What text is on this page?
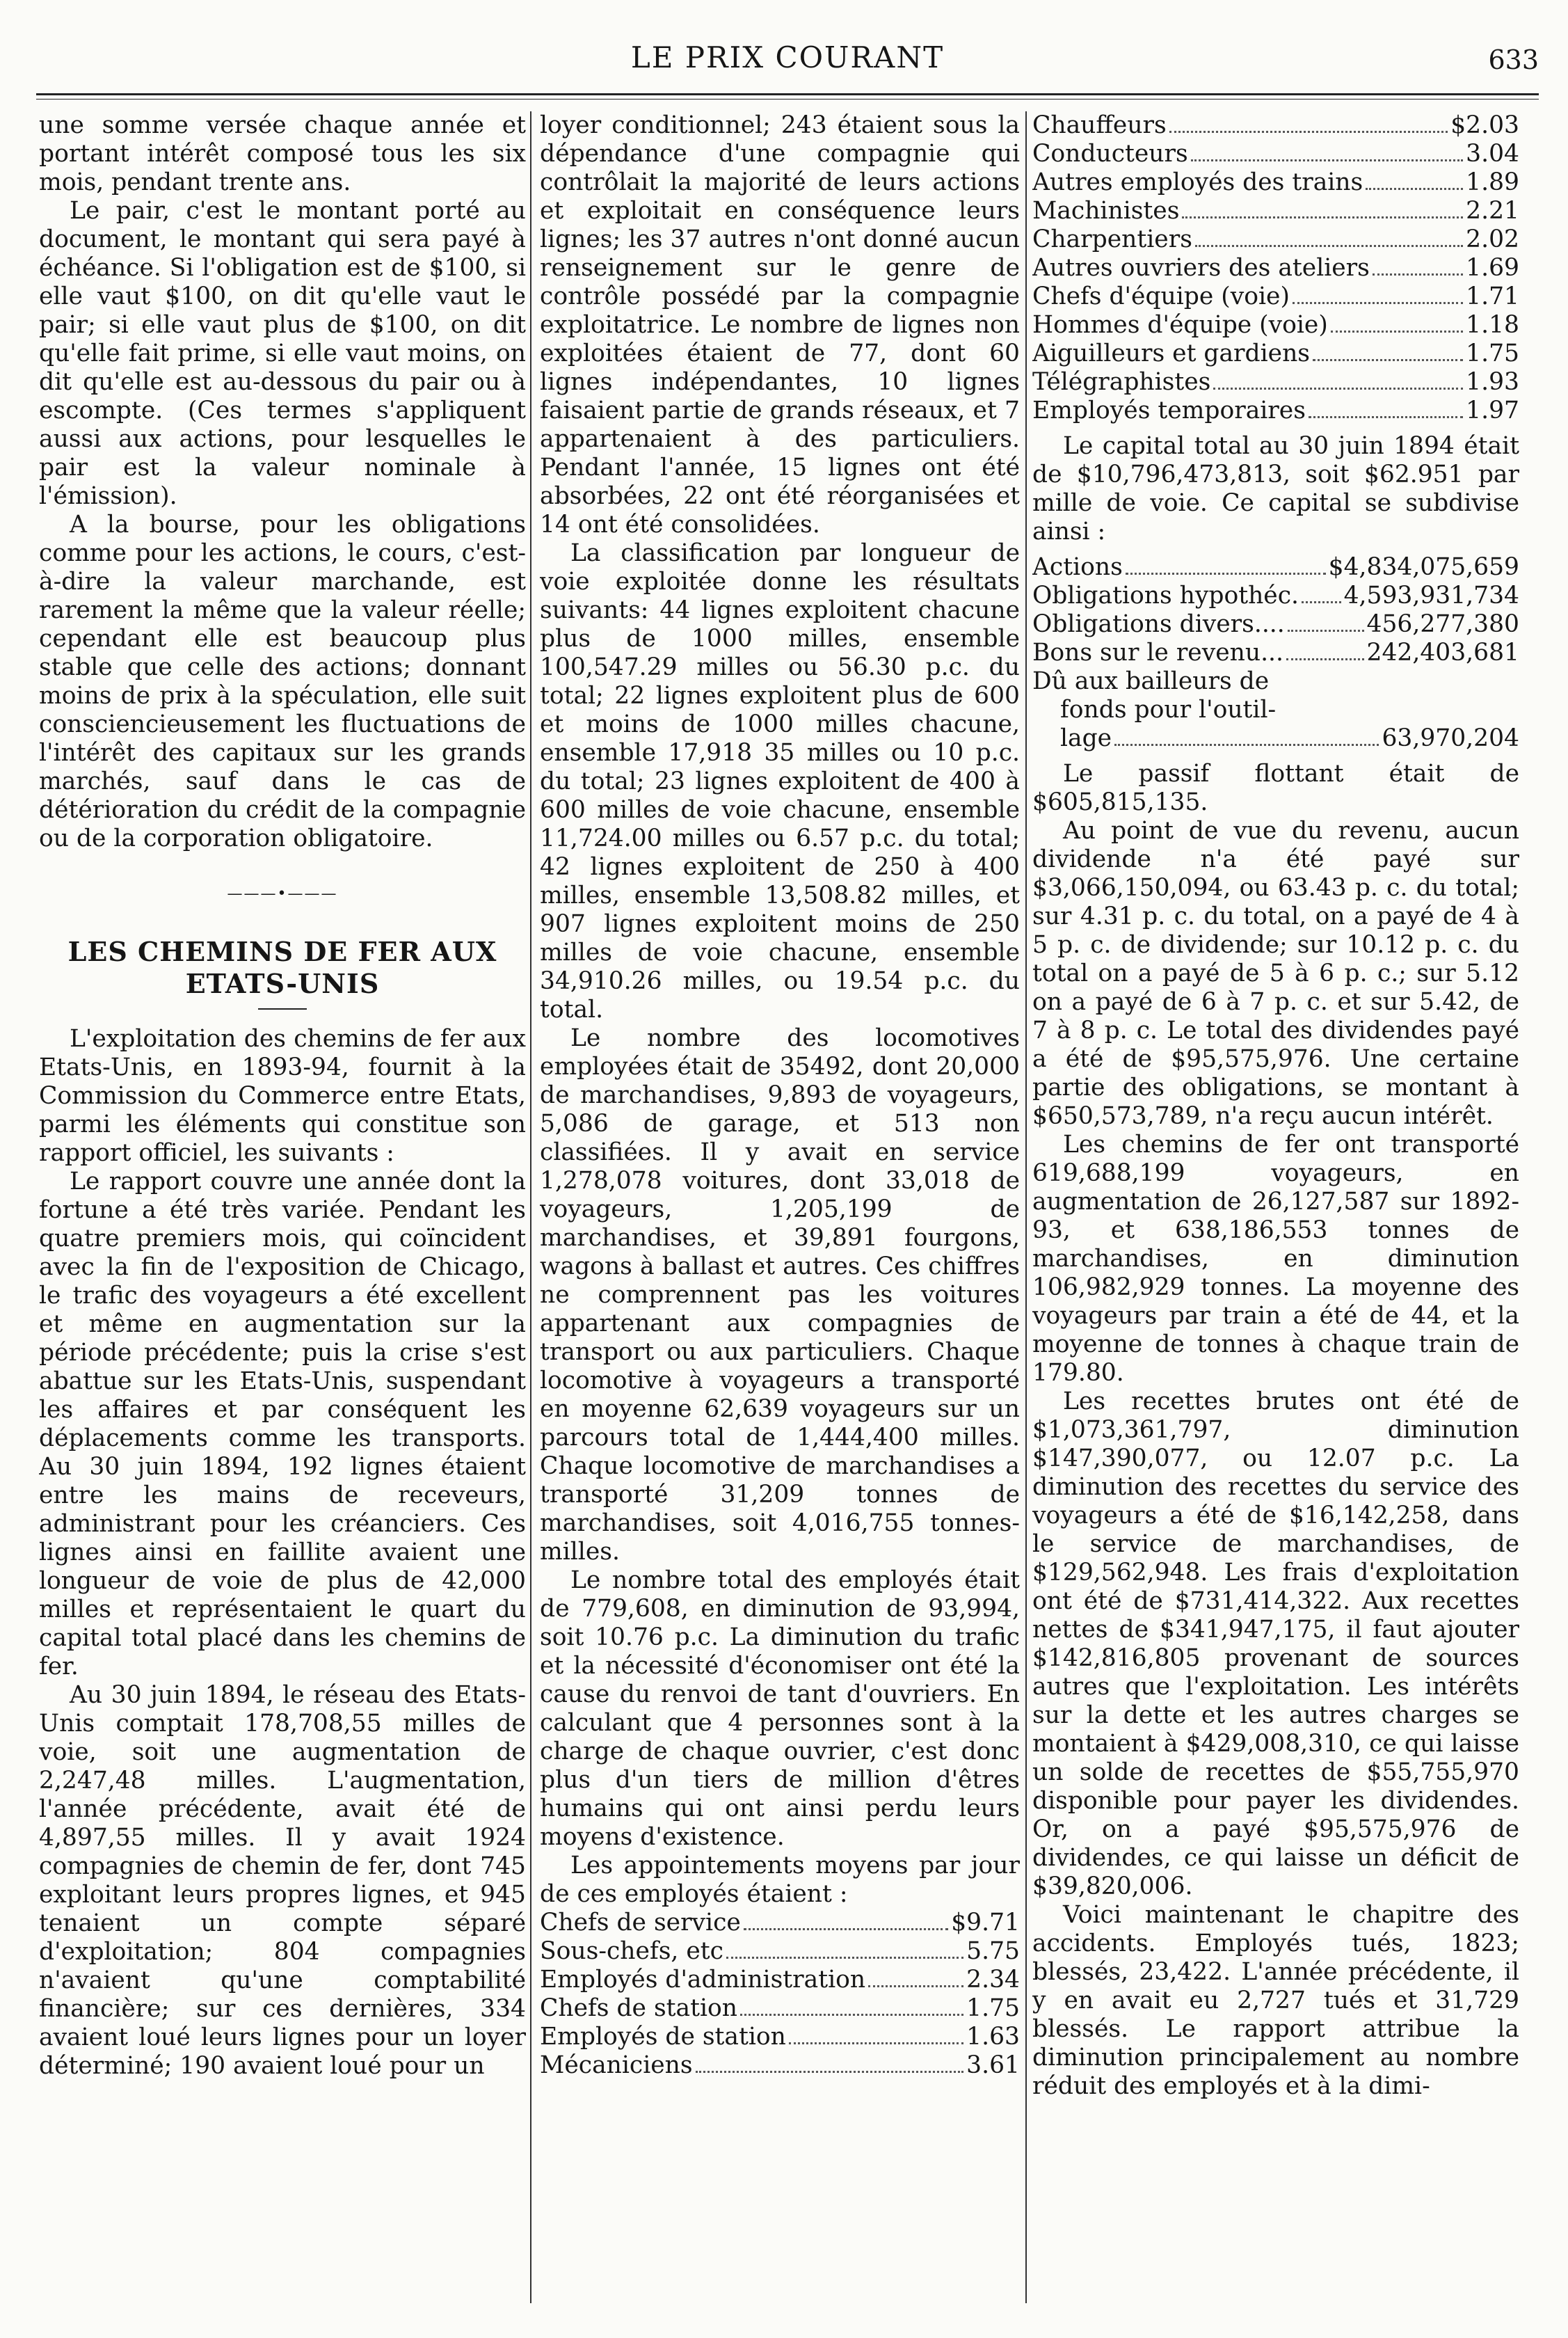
LE PRIX COURANT	633

une somme versée chaque année et portant intérêt composé tous les six mois, pendant trente ans.

Le pair, c'est le montant porté au document, le montant qui sera payé à échéance. Si l'obligation est de $100, si elle vaut $100, on dit qu'elle vaut le pair; si elle vaut plus de $100, on dit qu'elle fait prime, si elle vaut moins, on dit qu'elle est au-dessous du pair ou à escompte. (Ces termes s'appliquent aussi aux actions, pour lesquelles le pair est la valeur nominale à l'émission).

A la bourse, pour les obligations comme pour les actions, le cours, c'est-à-dire la valeur marchande, est rarement la même que la valeur réelle; cependant elle est beaucoup plus stable que celle des actions; donnant moins de prix à la spéculation, elle suit consciencieusement les fluctuations de l'intérêt des capitaux sur les grands marchés, sauf dans le cas de détérioration du crédit de la compagnie ou de la corporation obligatoire.

———•———
LES CHEMINS DE FER AUX
ETATS-UNIS

L'exploitation des chemins de fer aux Etats-Unis, en 1893-94, fournit à la Commission du Commerce entre Etats, parmi les éléments qui constitue son rapport officiel, les suivants :

Le rapport couvre une année dont la fortune a été très variée. Pendant les quatre premiers mois, qui coïncident avec la fin de l'exposition de Chicago, le trafic des voyageurs a été excellent et même en augmentation sur la période précédente; puis la crise s'est abattue sur les Etats-Unis, suspendant les affaires et par conséquent les déplacements comme les transports. Au 30 juin 1894, 192 lignes étaient entre les mains de receveurs, administrant pour les créanciers. Ces lignes ainsi en faillite avaient une longueur de voie de plus de 42,000 milles et représentaient le quart du capital total placé dans les chemins de fer.

Au 30 juin 1894, le réseau des Etats-Unis comptait 178,708,55 milles de voie, soit une augmentation de 2,247,48 milles. L'augmentation, l'année précédente, avait été de 4,897,55 milles. Il y avait 1924 compagnies de chemin de fer, dont 745 exploitant leurs propres lignes, et 945 tenaient un compte séparé d'exploitation; 804 compagnies n'avaient qu'une comptabilité financière; sur ces dernières, 334 avaient loué leurs lignes pour un loyer déterminé; 190 avaient loué pour un

loyer conditionnel; 243 étaient sous la dépendance d'une compagnie qui contrôlait la majorité de leurs actions et exploitait en conséquence leurs lignes; les 37 autres n'ont donné aucun renseignement sur le genre de contrôle possédé par la compagnie exploitatrice. Le nombre de lignes non exploitées étaient de 77, dont 60 lignes indépendantes, 10 lignes faisaient partie de grands réseaux, et 7 appartenaient à des particuliers. Pendant l'année, 15 lignes ont été absorbées, 22 ont été réorganisées et 14 ont été consolidées.

La classification par longueur de voie exploitée donne les résultats suivants: 44 lignes exploitent chacune plus de 1000 milles, ensemble 100,547.29 milles ou 56.30 p.c. du total; 22 lignes exploitent plus de 600 et moins de 1000 milles chacune, ensemble 17,918 35 milles ou 10 p.c. du total; 23 lignes exploitent de 400 à 600 milles de voie chacune, ensemble 11,724.00 milles ou 6.57 p.c. du total; 42 lignes exploitent de 250 à 400 milles, ensemble 13,508.82 milles, et 907 lignes exploitent moins de 250 milles de voie chacune, ensemble 34,910.26 milles, ou 19.54 p.c. du total.

Le nombre des locomotives employées était de 35492, dont 20,000 de marchandises, 9,893 de voyageurs, 5,086 de garage, et 513 non classifiées. Il y avait en service 1,278,078 voitures, dont 33,018 de voyageurs, 1,205,199 de marchandises, et 39,891 fourgons, wagons à ballast et autres. Ces chiffres ne comprennent pas les voitures appartenant aux compagnies de transport ou aux particuliers. Chaque locomotive à voyageurs a transporté en moyenne 62,639 voyageurs sur un parcours total de 1,444,400 milles. Chaque locomotive de marchandises a transporté 31,209 tonnes de marchandises, soit 4,016,755 tonnes-milles.

Le nombre total des employés était de 779,608, en diminution de 93,994, soit 10.76 p.c. La diminution du trafic et la nécessité d'économiser ont été la cause du renvoi de tant d'ouvriers. En calculant que 4 personnes sont à la charge de chaque ouvrier, c'est donc plus d'un tiers de million d'êtres humains qui ont ainsi perdu leurs moyens d'existence.

Les appointements moyens par jour de ces employés étaient :

Chefs de service	$9.71
Sous-chefs, etc	5.75
Employés d'administration	2.34
Chefs de station	1.75
Employés de station	1.63
Mécaniciens	3.61
Chauffeurs	$2.03
Conducteurs	3.04
Autres employés des trains	1.89
Machinistes	2.21
Charpentiers	2.02
Autres ouvriers des ateliers	1.69
Chefs d'équipe (voie)	1.71
Hommes d'équipe (voie)	1.18
Aiguilleurs et gardiens	1.75
Télégraphistes	1.93
Employés temporaires	1.97

Le capital total au 30 juin 1894 était de $10,796,473,813, soit $62.951 par mille de voie. Ce capital se subdivise ainsi :

Actions	$4,834,075,659
Obligations hypothéc. 4,593,931,734
Obligations divers....	456,277,380
Bons sur le revenu...	242,403,681
Dû aux bailleurs de
fonds pour l'outil-
lage	63,970,204

Le passif flottant était de $605,815,135.

Au point de vue du revenu, aucun dividende n'a été payé sur $3,066,150,094, ou 63.43 p. c. du total; sur 4.31 p. c. du total, on a payé de 4 à 5 p. c. de dividende; sur 10.12 p. c. du total on a payé de 5 à 6 p. c.; sur 5.12 on a payé de 6 à 7 p. c. et sur 5.42, de 7 à 8 p. c. Le total des dividendes payé a été de $95,575,976. Une certaine partie des obligations, se montant à $650,573,789, n'a reçu aucun intérêt.

Les chemins de fer ont transporté 619,688,199 voyageurs, en augmentation de 26,127,587 sur 1892-93, et 638,186,553 tonnes de marchandises, en diminution 106,982,929 tonnes. La moyenne des voyageurs par train a été de 44, et la moyenne de tonnes à chaque train de 179.80.

Les recettes brutes ont été de $1,073,361,797, diminution $147,390,077, ou 12.07 p.c. La diminution des recettes du service des voyageurs a été de $16,142,258, dans le service de marchandises, de $129,562,948. Les frais d'exploitation ont été de $731,414,322. Aux recettes nettes de $341,947,175, il faut ajouter $142,816,805 provenant de sources autres que l'exploitation. Les intérêts sur la dette et les autres charges se montaient à $429,008,310, ce qui laisse un solde de recettes de $55,755,970 disponible pour payer les dividendes. Or, on a payé $95,575,976 de dividendes, ce qui laisse un déficit de $39,820,006.

Voici maintenant le chapitre des accidents. Employés tués, 1823; blessés, 23,422. L'année précédente, il y en avait eu 2,727 tués et 31,729 blessés. Le rapport attribue la diminution principalement au nombre réduit des employés et à la dimi-
